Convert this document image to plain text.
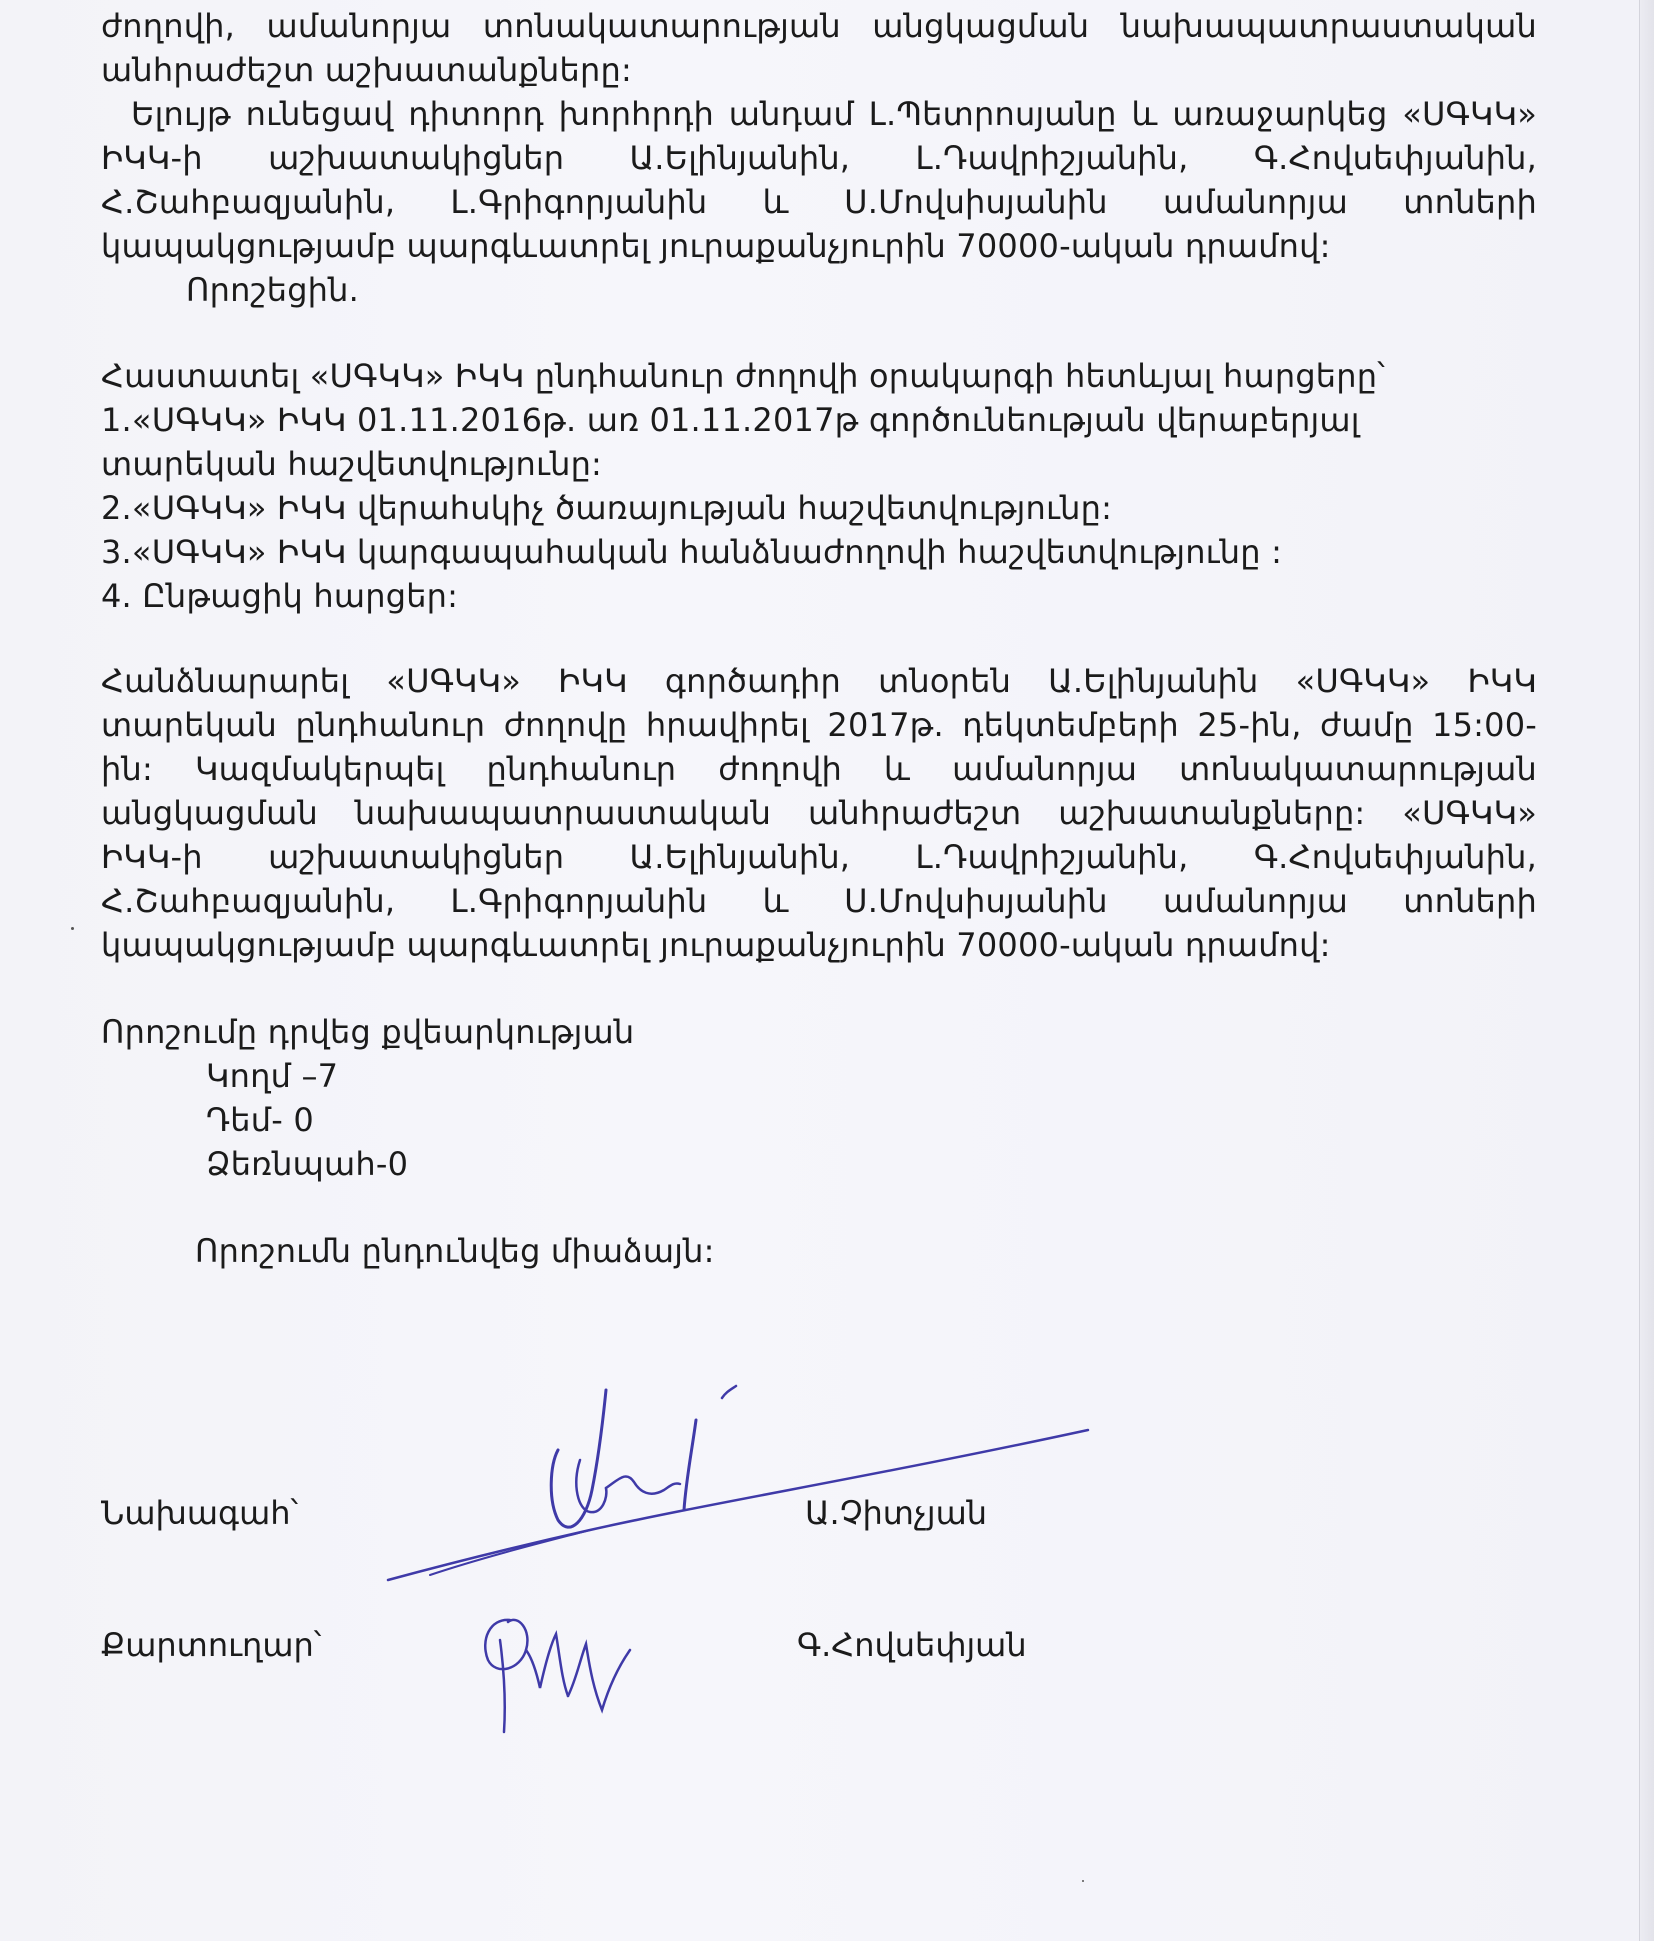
ժողովի, ամանորյա տոնակատարության անցկացման նախապատրաստական
անհրաժեշտ աշխատանքները:
Ելույթ ունեցավ դիտորդ խորհրդի անդամ Լ.Պետրոսյանը և առաջարկեց «ՍԳԿԿ»
ԻԿԿ-ի աշխատակիցներ Ա.Ելինյանին, Լ.Դավրիշյանին, Գ.Հովսեփյանին,
Հ.Շահբազյանին, Լ.Գրիգորյանին և Ս.Մովսիսյանին ամանորյա տոների
կապակցությամբ պարգևատրել յուրաքանչյուրին 70000-ական դրամով:
Որոշեցին.
Հաստատել «ՍԳԿԿ» ԻԿԿ ընդհանուր ժողովի օրակարգի հետևյալ հարցերը՝
1.«ՍԳԿԿ» ԻԿԿ 01.11.2016թ. առ 01.11.2017թ գործունեության վերաբերյալ
տարեկան հաշվետվությունը:
2.«ՍԳԿԿ» ԻԿԿ վերահսկիչ ծառայության հաշվետվությունը:
3.«ՍԳԿԿ» ԻԿԿ կարգապահական հանձնաժողովի հաշվետվությունը :
4. Ընթացիկ հարցեր:
Հանձնարարել «ՍԳԿԿ» ԻԿԿ գործադիր տնօրեն Ա.Ելինյանին «ՍԳԿԿ» ԻԿԿ
տարեկան ընդհանուր ժողովը հրավիրել 2017թ. դեկտեմբերի 25-ին, ժամը 15:00-
ին: Կազմակերպել ընդհանուր ժողովի և ամանորյա տոնակատարության
անցկացման նախապատրաստական անհրաժեշտ աշխատանքները: «ՍԳԿԿ»
ԻԿԿ-ի աշխատակիցներ Ա.Ելինյանին, Լ.Դավրիշյանին, Գ.Հովսեփյանին,
Հ.Շահբազյանին, Լ.Գրիգորյանին և Ս.Մովսիսյանին ամանորյա տոների
կապակցությամբ պարգևատրել յուրաքանչյուրին 70000-ական դրամով:
Որոշումը դրվեց քվեարկության
Կողմ –7
Դեմ- 0
Ձեռնպահ-0
Որոշումն ընդունվեց միաձայն:
Նախագահ՝	Ա.Չիտչյան
Քարտուղար՝	Գ.Հովսեփյան
